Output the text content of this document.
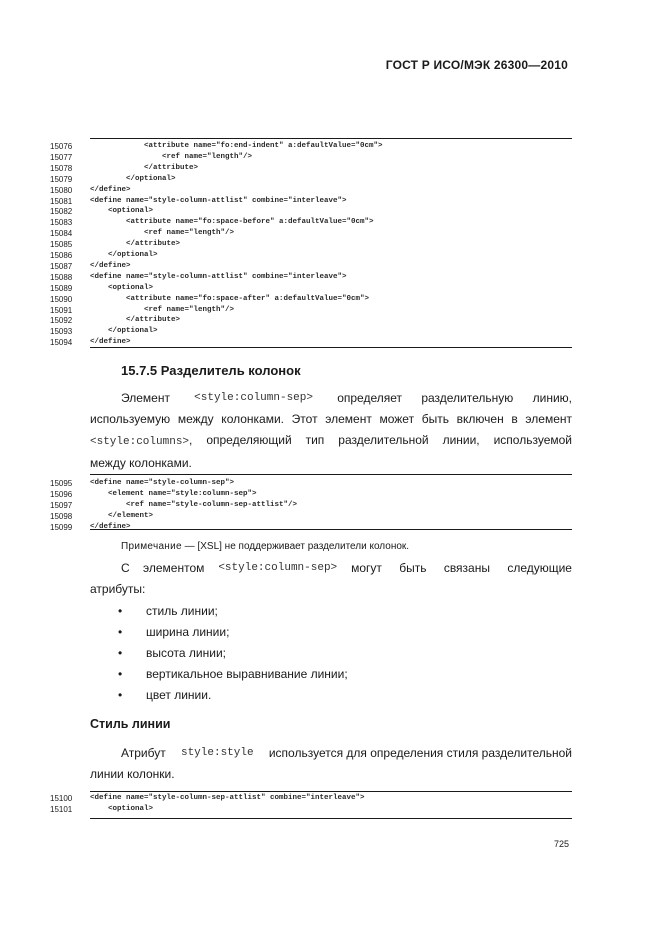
ГОСТ Р ИСО/МЭК 26300—2010
15076	<attribute name="fo:end-indent" a:defaultValue="0cm">
15077	<ref name="length"/>
15078	</attribute>
15079	</optional>
15080	</define>
15081	<define name="style-column-attlist" combine="interleave">
15082	<optional>
15083	<attribute name="fo:space-before" a:defaultValue="0cm">
15084	<ref name="length"/>
15085	</attribute>
15086	</optional>
15087	</define>
15088	<define name="style-column-attlist" combine="interleave">
15089	<optional>
15090	<attribute name="fo:space-after" a:defaultValue="0cm">
15091	<ref name="length"/>
15092	</attribute>
15093	</optional>
15094	</define>
15.7.5 Разделитель колонок
Элемент <style:column-sep> определяет разделительную линию,
используемую между колонками. Этот элемент может быть включен в элемент
<style:columns>, определяющий тип разделительной линии, используемой
между колонками.
15095	<define name="style-column-sep">
15096	<element name="style:column-sep">
15097	<ref name="style-column-sep-attlist"/>
15098	</element>
15099	</define>
Примечание — [XSL] не поддерживает разделители колонок.
С элементом <style:column-sep> могут быть связаны следующие
атрибуты:
• стиль линии;
• ширина линии;
• высота линии;
• вертикальное выравнивание линии;
• цвет линии.
Стиль линии
Атрибут style:style используется для определения стиля разделительной
линии колонки.
15100	<define name="style-column-sep-attlist" combine="interleave">
15101	<optional>
725
